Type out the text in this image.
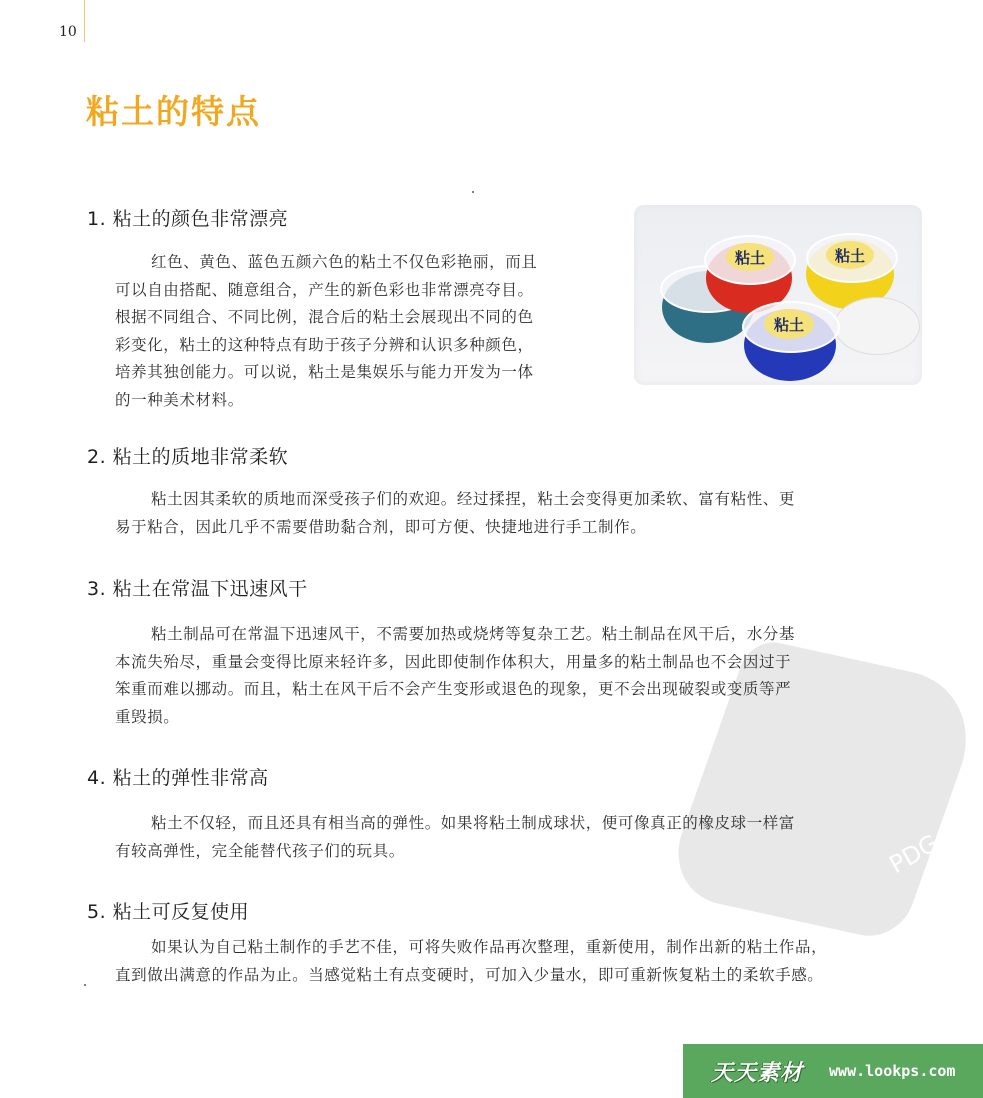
10
粘土的特点
PDG
1. 粘土的颜色非常漂亮
红色、黄色、蓝色五颜六色的粘土不仅色彩艳丽，而且
可以自由搭配、随意组合，产生的新色彩也非常漂亮夺目。
根据不同组合、不同比例，混合后的粘土会展现出不同的色
彩变化，粘土的这种特点有助于孩子分辨和认识多种颜色，
培养其独创能力。可以说，粘土是集娱乐与能力开发为一体
的一种美术材料。
粘土	粘土
粘土
2. 粘土的质地非常柔软
粘土因其柔软的质地而深受孩子们的欢迎。经过揉捏，粘土会变得更加柔软、富有粘性、更
易于粘合，因此几乎不需要借助黏合剂，即可方便、快捷地进行手工制作。
3. 粘土在常温下迅速风干
粘土制品可在常温下迅速风干，不需要加热或烧烤等复杂工艺。粘土制品在风干后，水分基
本流失殆尽，重量会变得比原来轻许多，因此即使制作体积大，用量多的粘土制品也不会因过于
笨重而难以挪动。而且，粘土在风干后不会产生变形或退色的现象，更不会出现破裂或变质等严
重毁损。
4. 粘土的弹性非常高
粘土不仅轻，而且还具有相当高的弹性。如果将粘土制成球状，便可像真正的橡皮球一样富
有较高弹性，完全能替代孩子们的玩具。
5. 粘土可反复使用
如果认为自己粘土制作的手艺不佳，可将失败作品再次整理，重新使用，制作出新的粘土作品，
直到做出满意的作品为止。当感觉粘土有点变硬时，可加入少量水，即可重新恢复粘土的柔软手感。
天天素材 www.lookps.com
